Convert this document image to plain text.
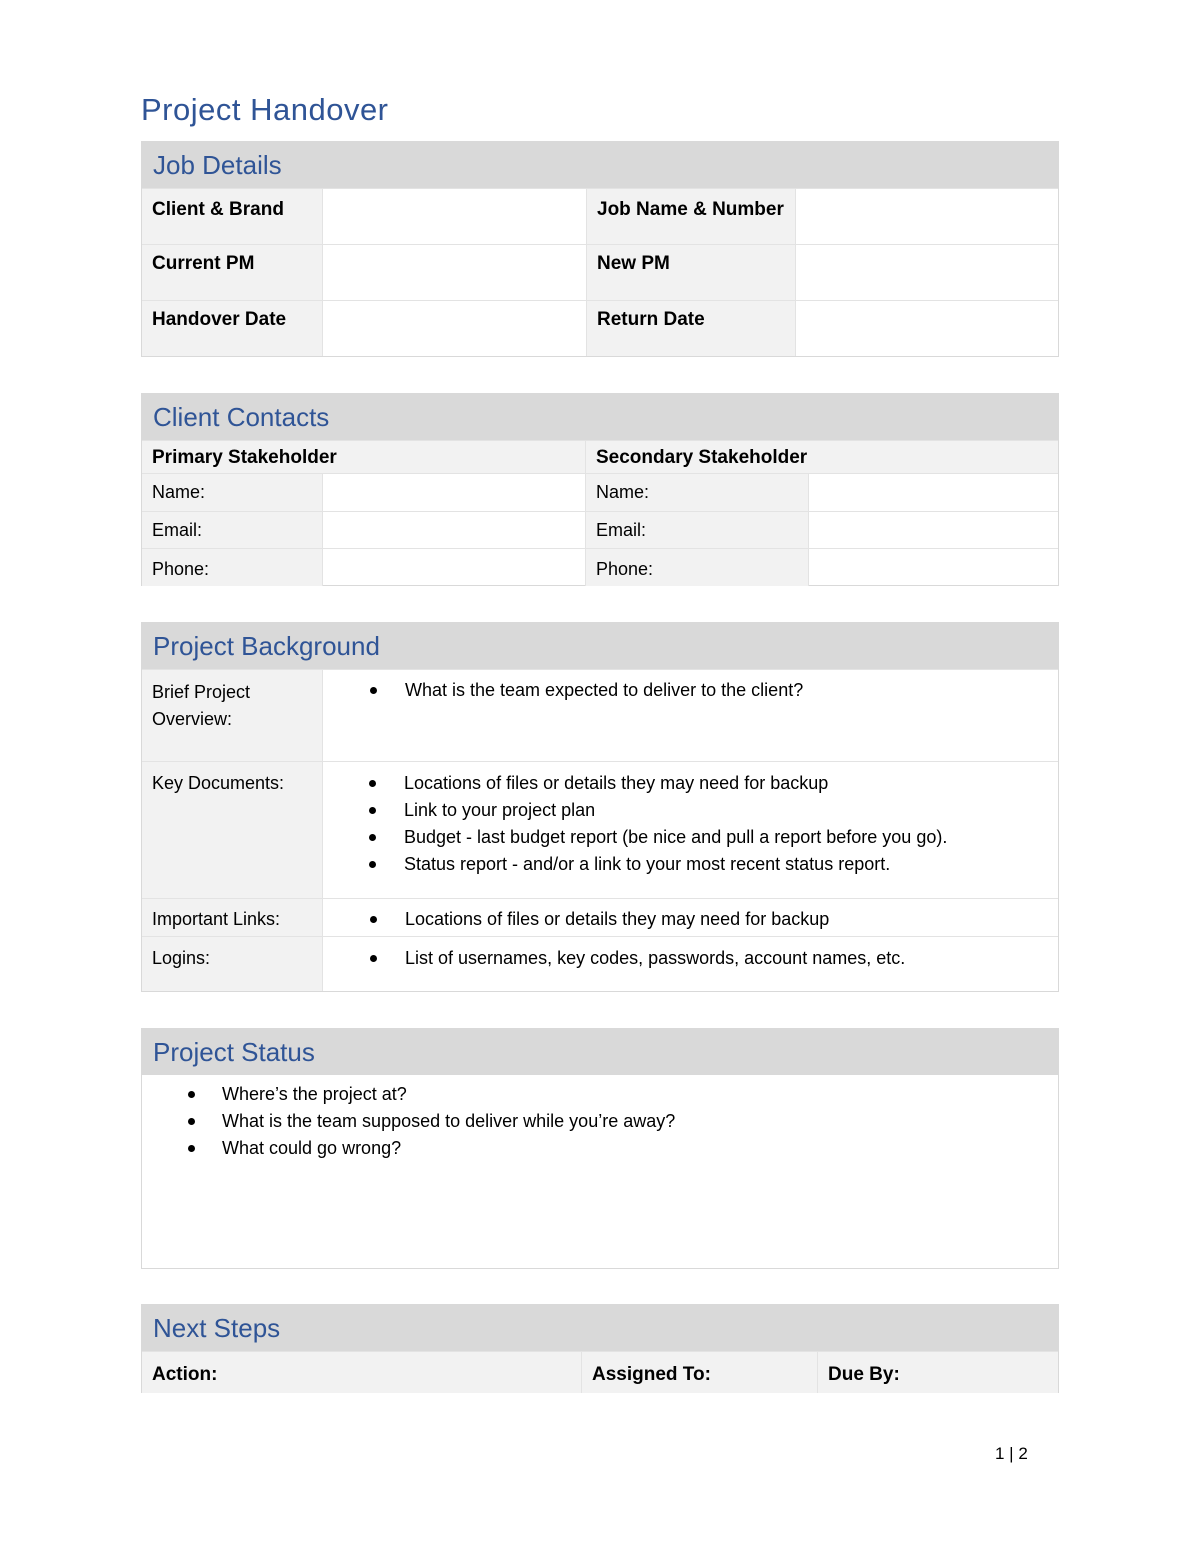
Project Handover
Job Details
Client & Brand	Job Name & Number
Current PM	New PM
Handover Date	Return Date
Client Contacts
Primary Stakeholder	Secondary Stakeholder
Name:	Name:
Email:	Email:
Phone:	Phone:
Project Background
Brief Project Overview:
What is the team expected to deliver to the client?
Key Documents:	Locations of files or details they may need for backup
Link to your project plan
Budget - last budget report (be nice and pull a report before you go).
Status report - and/or a link to your most recent status report.
Important Links:	Locations of files or details they may need for backup
Logins:	List of usernames, key codes, passwords, account names, etc.
Project Status
Where’s the project at?
What is the team supposed to deliver while you’re away?
What could go wrong?
Next Steps
Action:	Assigned To:	Due By:
1 | 2
